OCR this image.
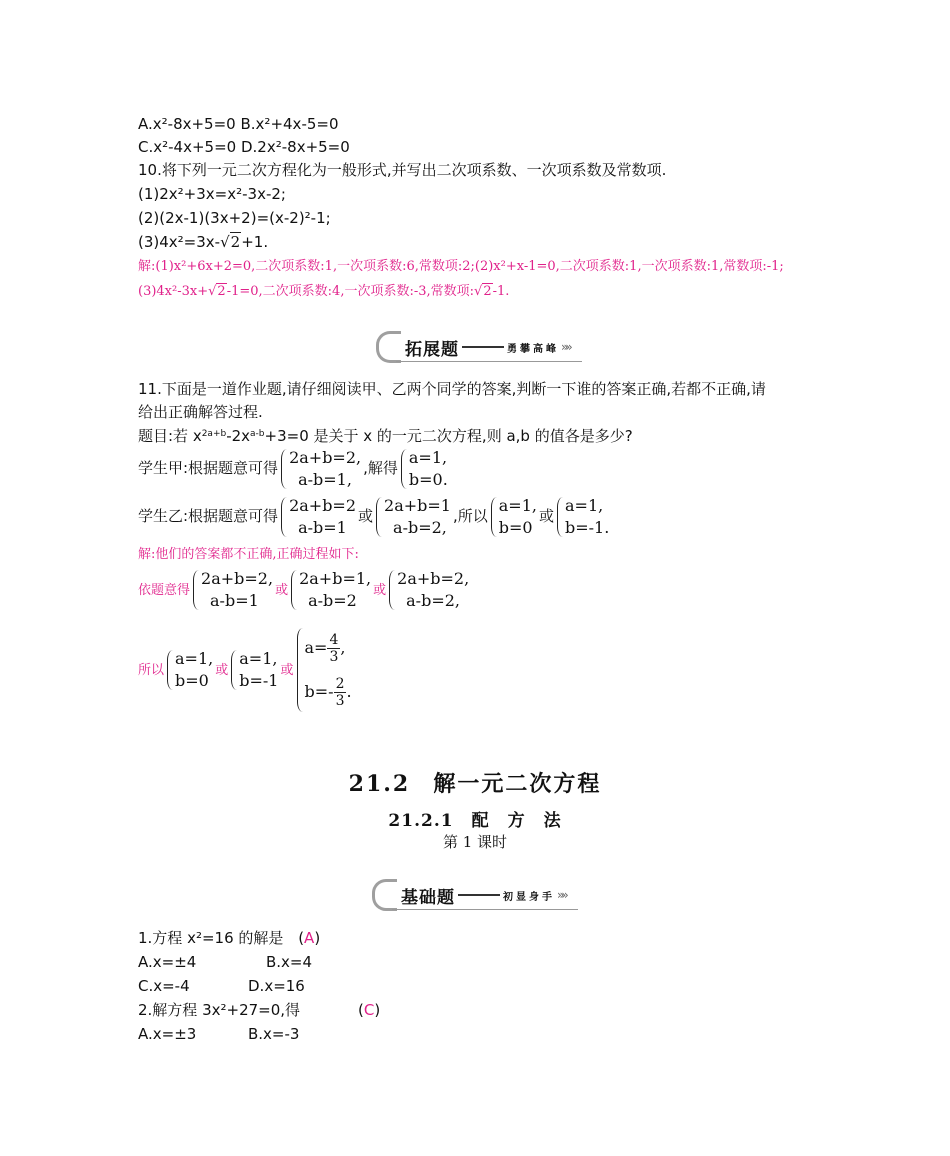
A.x²-8x+5=0 B.x²+4x-5=0
C.x²-4x+5=0 D.2x²-8x+5=0
10.将下列一元二次方程化为一般形式,并写出二次项系数、一次项系数及常数项.
(1)2x²+3x=x²-3x-2;
(2)(2x-1)(3x+2)=(x-2)²-1;
(3)4x²=3x-√2+1.
解:(1)x²+6x+2=0,二次项系数:1,一次项系数:6,常数项:2;(2)x²+x-1=0,二次项系数:1,一次项系数:1,常数项:-1;
(3)4x²-3x+√2-1=0,二次项系数:4,一次项系数:-3,常数项:√2-1.
拓展题	勇攀高峰 »»
11.下面是一道作业题,请仔细阅读甲、乙两个同学的答案,判断一下谁的答案正确,若都不正确,请
给出正确解答过程.
题目:若 $x^{2a+b}-2x^{a-b}+3=0$ 是关于 x 的一元二次方程,则 a,b 的值各是多少?
学生甲:根据题意可得
2a+b=2,
a-b=1,
,解得
a=1,
b=0.
学生乙:根据题意可得
2a+b=2
a-b=1
或
2a+b=1
a-b=2,
,所以
a=1,
b=0
或
a=1,
b=-1.
解:他们的答案都不正确,正确过程如下:
依题意得
2a+b=2,
a-b=1	或
2a+b=1,
a-b=2	或
2a+b=2,
a-b=2,
所以
a=1,
b=0 或
a=1,
b=-1 或
$a= \frac{4}{3}$ ,
$b=- \frac{2}{3}$ .
21.2 解一元二次方程
21.2.1　配　方　法
第 1 课时
基础题	初显身手 »»
1.方程 x²=16 的解是 (A)
A.x=±4	B.x=4
C.x=-4	D.x=16
2.解方程 3x²+27=0,得	(C)
A.x=±3	B.x=-3
